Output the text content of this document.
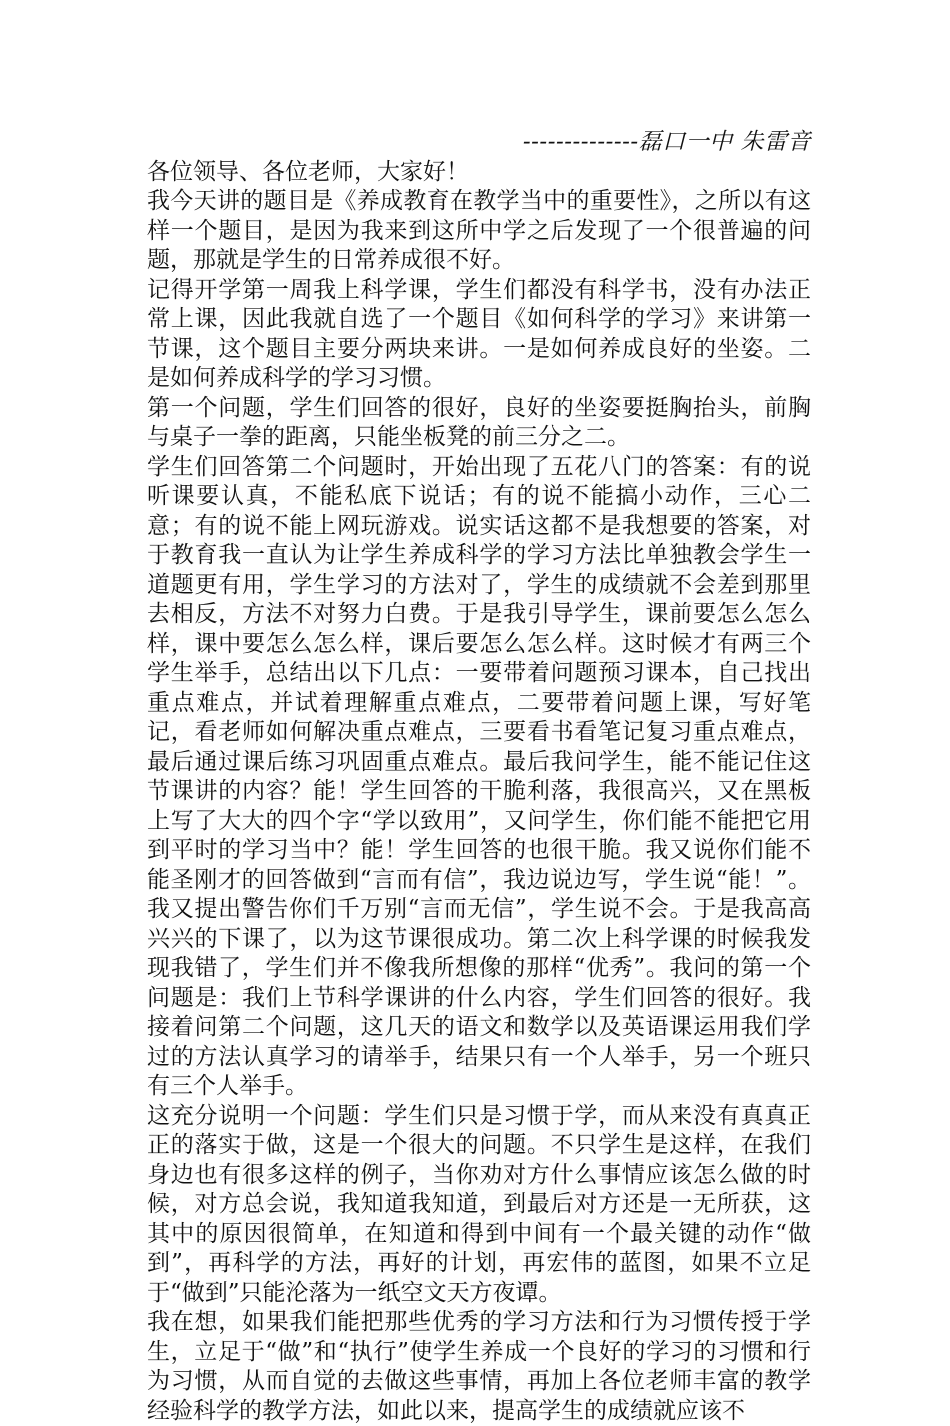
--------------磊口一中 朱雷音

各位领导、各位老师，大家好！

我今天讲的题目是《养成教育在教学当中的重要性》，之所以有这样一个题目，是因为我来到这所中学之后发现了一个很普遍的问题，那就是学生的日常养成很不好。

记得开学第一周我上科学课，学生们都没有科学书，没有办法正常上课，因此我就自选了一个题目《如何科学的学习》来讲第一节课，这个题目主要分两块来讲。一是如何养成良好的坐姿。二是如何养成科学的学习习惯。

第一个问题，学生们回答的很好，良好的坐姿要挺胸抬头，前胸与桌子一拳的距离，只能坐板凳的前三分之二。

学生们回答第二个问题时，开始出现了五花八门的答案：有的说听课要认真，不能私底下说话；有的说不能搞小动作，三心二意；有的说不能上网玩游戏。说实话这都不是我想要的答案，对于教育我一直认为让学生养成科学的学习方法比单独教会学生一道题更有用，学生学习的方法对了，学生的成绩就不会差到那里去相反，方法不对努力白费。于是我引导学生，课前要怎么怎么样，课中要怎么怎么样，课后要怎么怎么样。这时候才有两三个学生举手，总结出以下几点：一要带着问题预习课本，自己找出重点难点，并试着理解重点难点，二要带着问题上课，写好笔记，看老师如何解决重点难点，三要看书看笔记复习重点难点，最后通过课后练习巩固重点难点。最后我问学生，能不能记住这节课讲的内容？能！学生回答的干脆利落，我很高兴，又在黑板上写了大大的四个字“学以致用”，又问学生，你们能不能把它用到平时的学习当中？能！学生回答的也很干脆。我又说你们能不能圣刚才的回答做到“言而有信”，我边说边写，学生说“能！”。我又提出警告你们千万别“言而无信”，学生说不会。于是我高高兴兴的下课了，以为这节课很成功。第二次上科学课的时候我发现我错了，学生们并不像我所想像的那样“优秀”。我问的第一个问题是：我们上节科学课讲的什么内容，学生们回答的很好。我接着问第二个问题，这几天的语文和数学以及英语课运用我们学过的方法认真学习的请举手，结果只有一个人举手，另一个班只有三个人举手。

这充分说明一个问题：学生们只是习惯于学，而从来没有真真正正的落实于做，这是一个很大的问题。不只学生是这样，在我们身边也有很多这样的例子，当你劝对方什么事情应该怎么做的时候，对方总会说，我知道我知道，到最后对方还是一无所获，这其中的原因很简单，在知道和得到中间有一个最关键的动作“做到”，再科学的方法，再好的计划，再宏伟的蓝图，如果不立足于“做到”只能沦落为一纸空文天方夜谭。

我在想，如果我们能把那些优秀的学习方法和行为习惯传授于学生，立足于“做”和“执行”使学生养成一个良好的学习的习惯和行为习惯，从而自觉的去做这些事情，再加上各位老师丰富的教学经验科学的教学方法，如此以来，提高学生的成绩就应该不
